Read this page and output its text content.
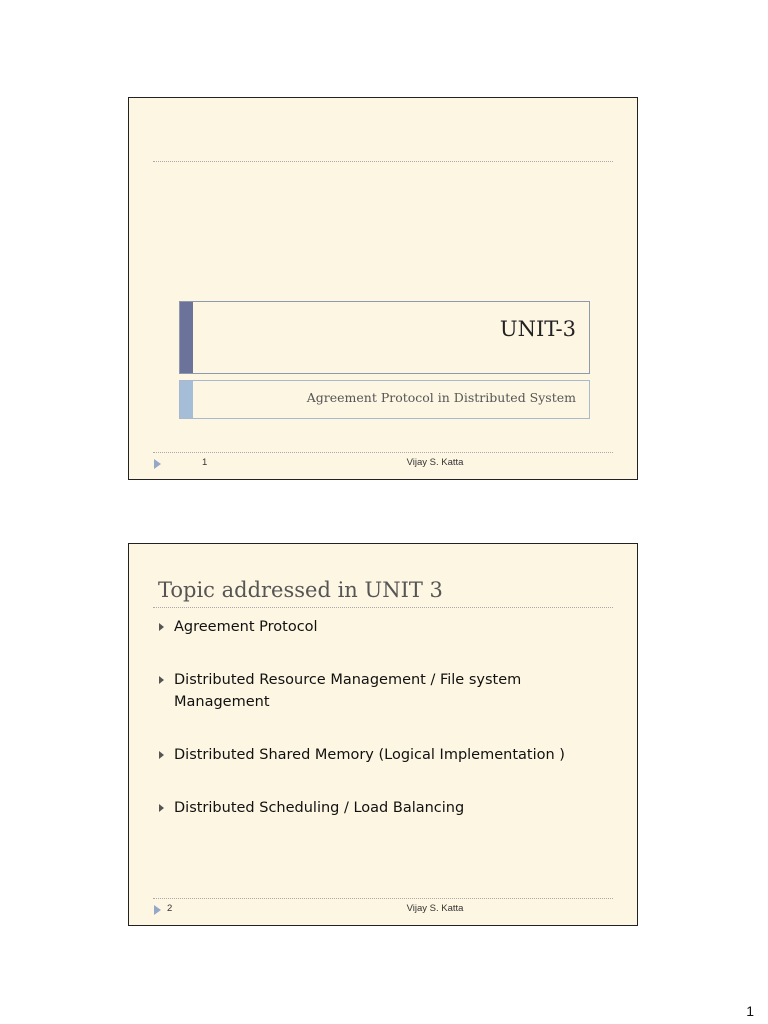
UNIT-3
Agreement Protocol in Distributed System
1	Vijay S. Katta
Topic addressed in UNIT 3
Agreement Protocol
Distributed Resource Management / File system Management
Distributed Shared Memory (Logical Implementation )
Distributed Scheduling / Load Balancing
2	Vijay S. Katta
1
